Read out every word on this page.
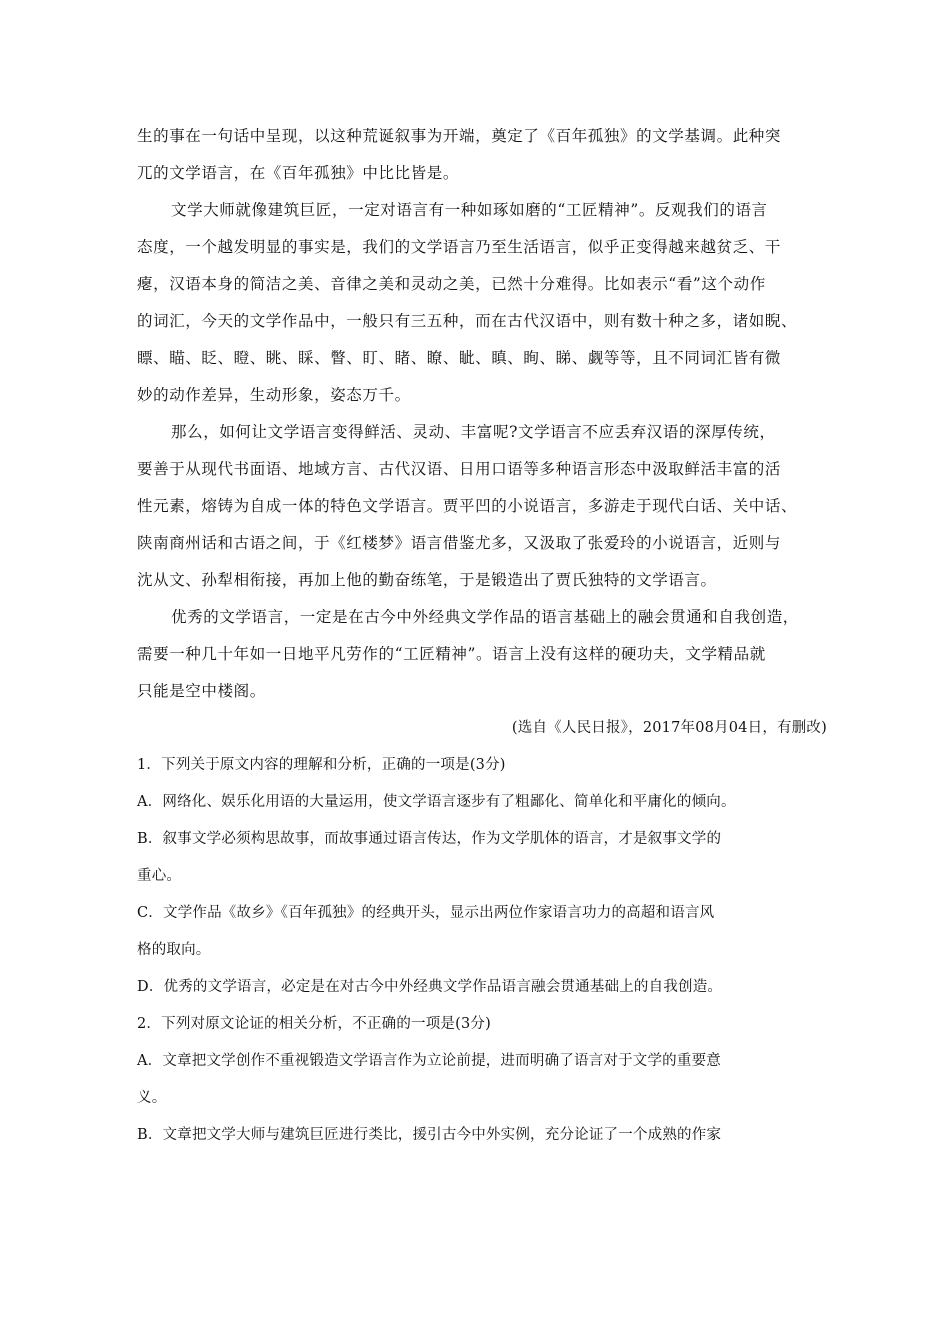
生的事在一句话中呈现，以这种荒诞叙事为开端，奠定了《百年孤独》的文学基调。此种突
兀的文学语言，在《百年孤独》中比比皆是。
文学大师就像建筑巨匠，一定对语言有一种如琢如磨的“工匠精神”。反观我们的语言
态度，一个越发明显的事实是，我们的文学语言乃至生活语言，似乎正变得越来越贫乏、干
瘪，汉语本身的简洁之美、音律之美和灵动之美，已然十分难得。比如表示“看”这个动作
的词汇，今天的文学作品中，一般只有三五种，而在古代汉语中，则有数十种之多，诸如睨、
瞟、瞄、眨、瞪、眺、睬、瞥、盯、睹、瞭、眦、瞋、眴、睇、觑等等，且不同词汇皆有微
妙的动作差异，生动形象，姿态万千。
那么，如何让文学语言变得鲜活、灵动、丰富呢?文学语言不应丢弃汉语的深厚传统，
要善于从现代书面语、地域方言、古代汉语、日用口语等多种语言形态中汲取鲜活丰富的活
性元素，熔铸为自成一体的特色文学语言。贾平凹的小说语言，多游走于现代白话、关中话、
陕南商州话和古语之间，于《红楼梦》语言借鉴尤多，又汲取了张爱玲的小说语言，近则与
沈从文、孙犁相衔接，再加上他的勤奋练笔，于是锻造出了贾氏独特的文学语言。
优秀的文学语言，一定是在古今中外经典文学作品的语言基础上的融会贯通和自我创造，
需要一种几十年如一日地平凡劳作的“工匠精神”。语言上没有这样的硬功夫，文学精品就
只能是空中楼阁。
(选自《人民日报》，2017年08月04日，有删改)
1．下列关于原文内容的理解和分析，正确的一项是(3分)
A．网络化、娱乐化用语的大量运用，使文学语言逐步有了粗鄙化、简单化和平庸化的倾向。
B．叙事文学必须构思故事，而故事通过语言传达，作为文学肌体的语言，才是叙事文学的
重心。
C．文学作品《故乡》《百年孤独》的经典开头，显示出两位作家语言功力的高超和语言风
格的取向。
D．优秀的文学语言，必定是在对古今中外经典文学作品语言融会贯通基础上的自我创造。
2．下列对原文论证的相关分析，不正确的一项是(3分)
A．文章把文学创作不重视锻造文学语言作为立论前提，进而明确了语言对于文学的重要意
义。
B．文章把文学大师与建筑巨匠进行类比，援引古今中外实例，充分论证了一个成熟的作家
